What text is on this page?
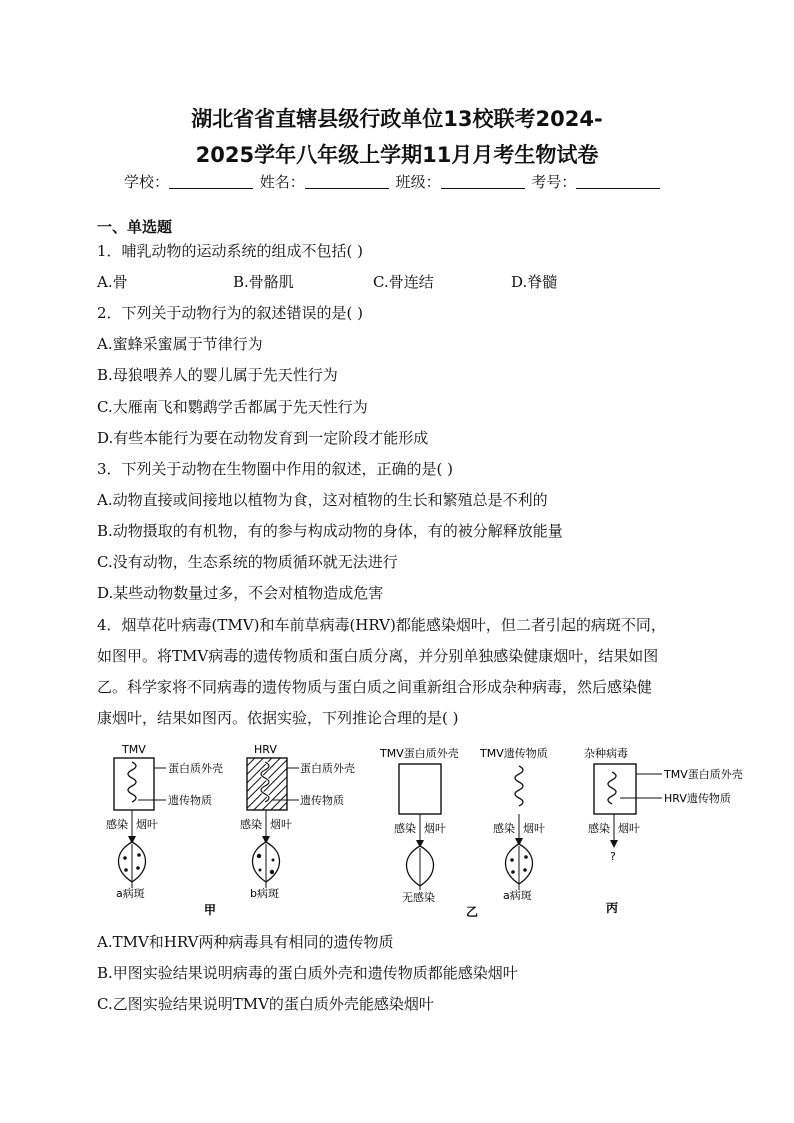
湖北省省直辖县级行政单位13校联考2024-
2025学年八年级上学期11月月考生物试卷
学校：	姓名：	班级：	考号：
一、单选题
1．哺乳动物的运动系统的组成不包括( )
A.骨	B.骨骼肌	C.骨连结	D.脊髓
2．下列关于动物行为的叙述错误的是( )
A.蜜蜂采蜜属于节律行为
B.母狼喂养人的婴儿属于先天性行为
C.大雁南飞和鹦鹉学舌都属于先天性行为
D.有些本能行为要在动物发育到一定阶段才能形成
3．下列关于动物在生物圈中作用的叙述，正确的是( )
A.动物直接或间接地以植物为食，这对植物的生长和繁殖总是不利的
B.动物摄取的有机物，有的参与构成动物的身体，有的被分解释放能量
C.没有动物，生态系统的物质循环就无法进行
D.某些动物数量过多，不会对植物造成危害
4．烟草花叶病毒(TMV)和车前草病毒(HRV)都能感染烟叶，但二者引起的病斑不同，
如图甲。将TMV病毒的遗传物质和蛋白质分离，并分别单独感染健康烟叶，结果如图
乙。科学家将不同病毒的遗传物质与蛋白质之间重新组合形成杂种病毒，然后感染健
康烟叶，结果如图丙。依据实验，下列推论合理的是( )
TMV
蛋白质外壳
遗传物质
感染 烟叶
a病斑
HRV
蛋白质外壳
遗传物质
感染 烟叶
b病斑
甲
TMV蛋白质外壳
感染 烟叶
无感染
TMV遗传物质
感染 烟叶
a病斑
乙
杂种病毒
TMV蛋白质外壳
HRV遗传物质
感染 烟叶
?
丙
A.TMV和HRV两种病毒具有相同的遗传物质
B.甲图实验结果说明病毒的蛋白质外壳和遗传物质都能感染烟叶
C.乙图实验结果说明TMV的蛋白质外壳能感染烟叶
